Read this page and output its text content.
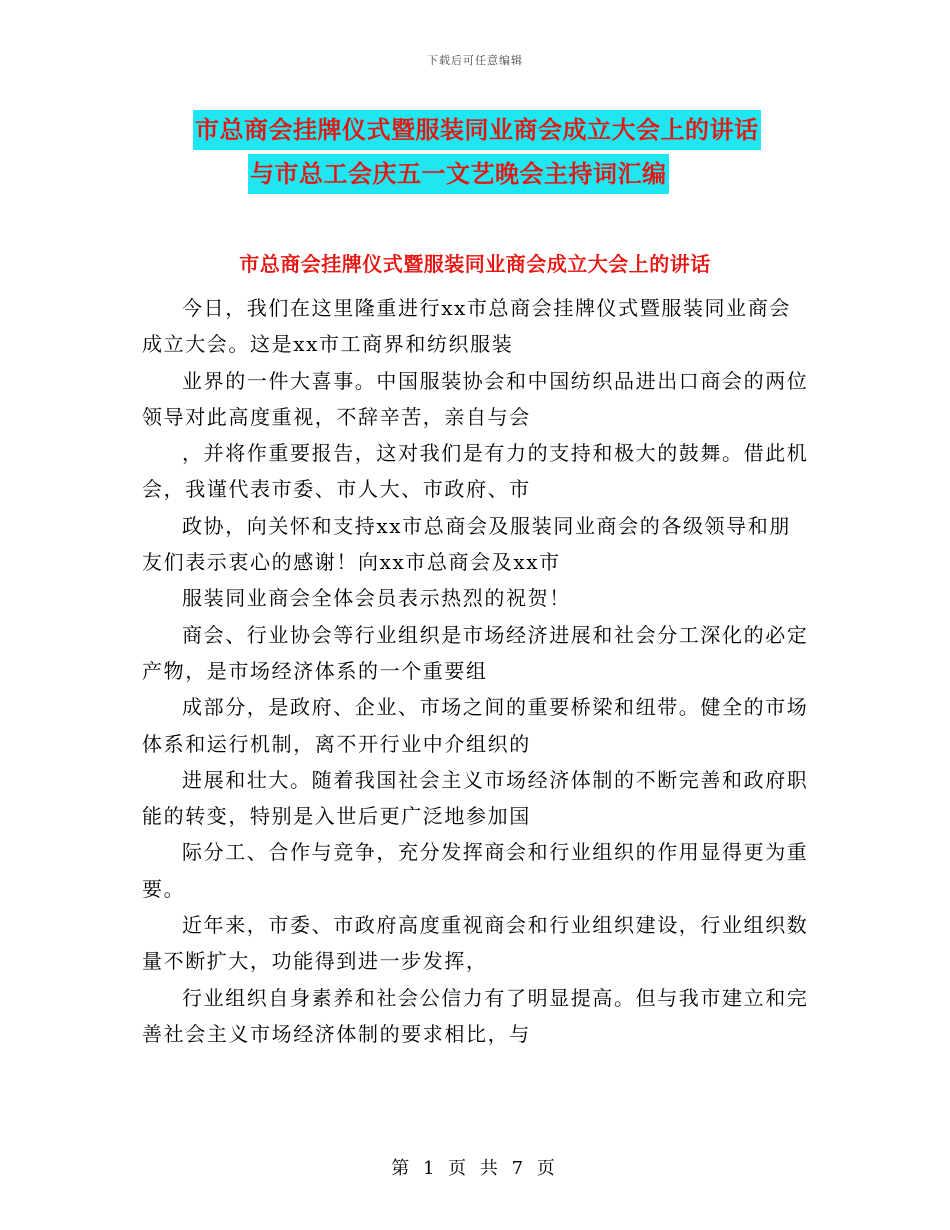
下载后可任意编辑
市总商会挂牌仪式暨服装同业商会成立大会上的讲话
与市总工会庆五一文艺晚会主持词汇编
市总商会挂牌仪式暨服装同业商会成立大会上的讲话

今日，我们在这里隆重进行xx市总商会挂牌仪式暨服装同业商会成立大会。这是xx市工商界和纺织服装

业界的一件大喜事。中国服装协会和中国纺织品进出口商会的两位领导对此高度重视，不辞辛苦，亲自与会

，并将作重要报告，这对我们是有力的支持和极大的鼓舞。借此机会，我谨代表市委、市人大、市政府、市

政协，向关怀和支持xx市总商会及服装同业商会的各级领导和朋友们表示衷心的感谢！向xx市总商会及xx市

服装同业商会全体会员表示热烈的祝贺！

商会、行业协会等行业组织是市场经济进展和社会分工深化的必定产物，是市场经济体系的一个重要组

成部分，是政府、企业、市场之间的重要桥梁和纽带。健全的市场体系和运行机制，离不开行业中介组织的

进展和壮大。随着我国社会主义市场经济体制的不断完善和政府职能的转变，特别是入世后更广泛地参加国

际分工、合作与竞争，充分发挥商会和行业组织的作用显得更为重要。

近年来，市委、市政府高度重视商会和行业组织建设，行业组织数量不断扩大，功能得到进一步发挥，

行业组织自身素养和社会公信力有了明显提高。但与我市建立和完善社会主义市场经济体制的要求相比，与

第 1 页 共 7 页
